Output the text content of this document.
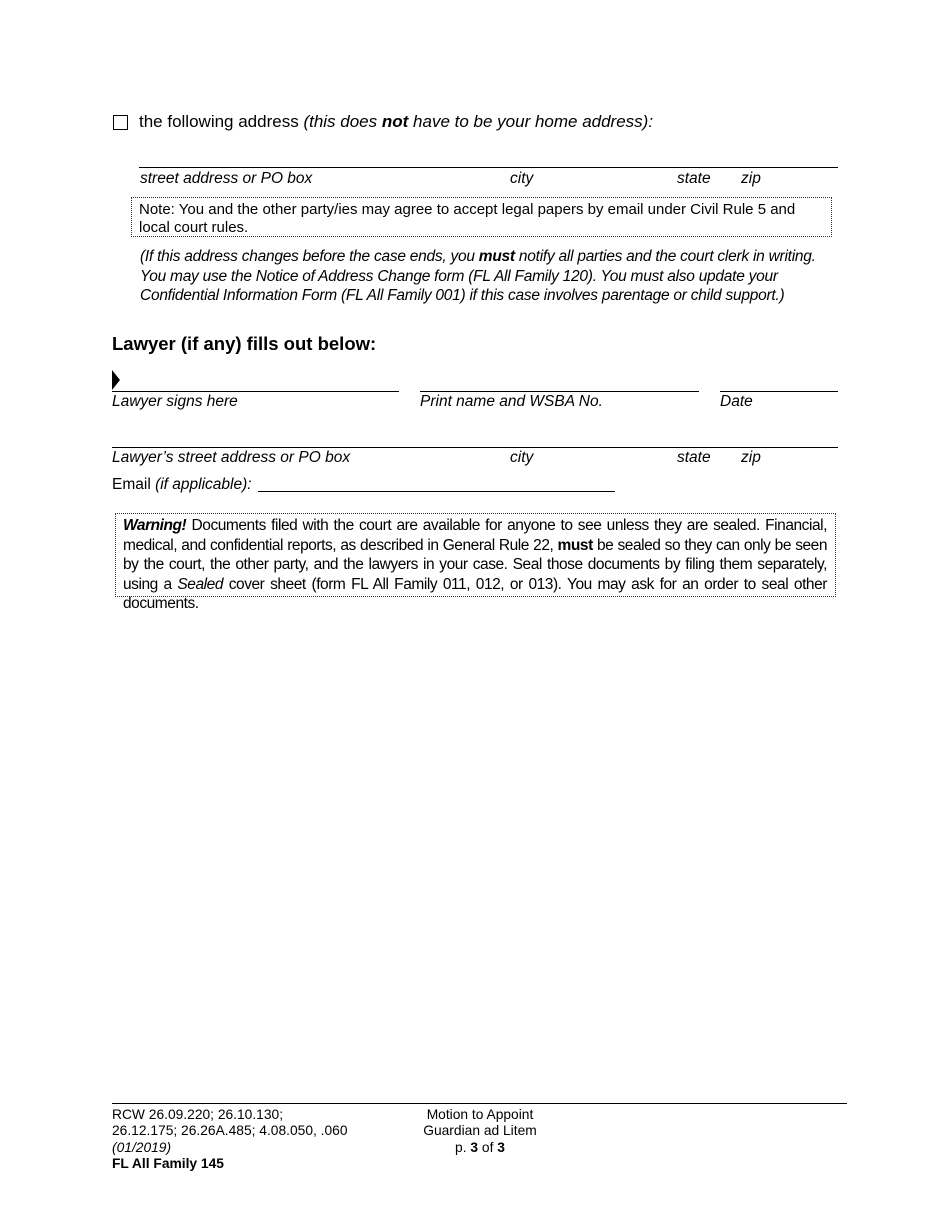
the following address (this does not have to be your home address):
street address or PO box	city	state zip
Note: You and the other party/ies may agree to accept legal papers by email under Civil Rule 5 and local court rules.
(If this address changes before the case ends, you must notify all parties and the court clerk in writing. You may use the Notice of Address Change form (FL All Family 120). You must also update your Confidential Information Form (FL All Family 001) if this case involves parentage or child support.)
Lawyer (if any) fills out below:
Lawyer signs here	Print name and WSBA No.	Date
Lawyer’s street address or PO box	city	state zip
Email (if applicable):
Warning! Documents filed with the court are available for anyone to see unless they are sealed. Financial, medical, and confidential reports, as described in General Rule 22, must be sealed so they can only be seen by the court, the other party, and the lawyers in your case. Seal those documents by filing them separately, using a Sealed cover sheet (form FL All Family 011, 012, or 013). You may ask for an order to seal other documents.
RCW 26.09.220; 26.10.130;
26.12.175; 26.26A.485; 4.08.050, .060
(01/2019)
FL All Family 145
Motion to Appoint
Guardian ad Litem
p. 3 of 3
